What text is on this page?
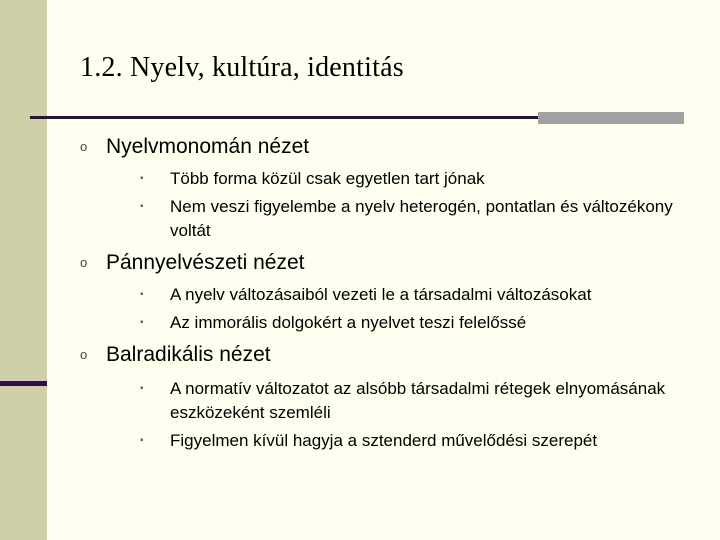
1.2. Nyelv, kultúra, identitás
o Nyelvmonomán nézet
▪	Több forma közül csak egyetlen tart jónak
▪	Nem veszi figyelembe a nyelv heterogén, pontatlan és változékony voltát
o Pánnyelvészeti nézet
▪	A nyelv változásaiból vezeti le a társadalmi változásokat
▪	Az immorális dolgokért a nyelvet teszi felelőssé
o Balradikális nézet
▪	A normatív változatot az alsóbb társadalmi rétegek elnyomásának eszközeként szemléli
▪	Figyelmen kívül hagyja a sztenderd művelődési szerepét
